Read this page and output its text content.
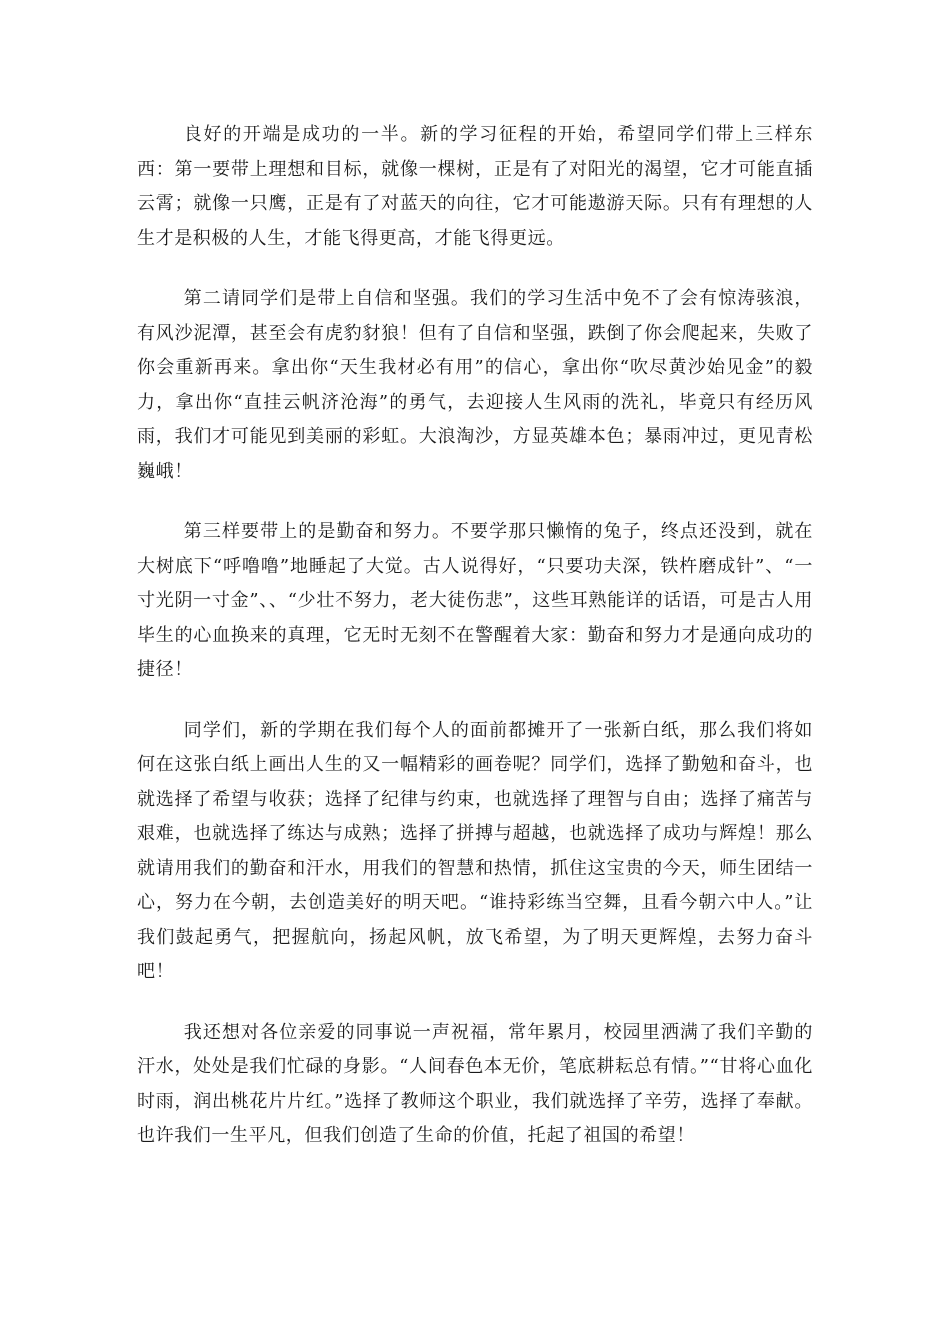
良好的开端是成功的一半。新的学习征程的开始，希望同学们带上三样东西：第一要带上理想和目标，就像一棵树，正是有了对阳光的渴望，它才可能直插云霄；就像一只鹰，正是有了对蓝天的向往，它才可能遨游天际。只有有理想的人生才是积极的人生，才能飞得更高，才能飞得更远。

第二请同学们是带上自信和坚强。我们的学习生活中免不了会有惊涛骇浪，有风沙泥潭，甚至会有虎豹豺狼！但有了自信和坚强，跌倒了你会爬起来，失败了你会重新再来。拿出你“天生我材必有用”的信心，拿出你“吹尽黄沙始见金”的毅力，拿出你“直挂云帆济沧海”的勇气，去迎接人生风雨的洗礼，毕竟只有经历风雨，我们才可能见到美丽的彩虹。大浪淘沙，方显英雄本色；暴雨冲过，更见青松巍峨！

第三样要带上的是勤奋和努力。不要学那只懒惰的兔子，终点还没到，就在大树底下“呼噜噜”地睡起了大觉。古人说得好，“只要功夫深，铁杵磨成针”、“一寸光阴一寸金”、、“少壮不努力，老大徒伤悲”，这些耳熟能详的话语，可是古人用毕生的心血换来的真理，它无时无刻不在警醒着大家：勤奋和努力才是通向成功的捷径！

同学们，新的学期在我们每个人的面前都摊开了一张新白纸，那么我们将如何在这张白纸上画出人生的又一幅精彩的画卷呢？同学们，选择了勤勉和奋斗，也就选择了希望与收获；选择了纪律与约束，也就选择了理智与自由；选择了痛苦与艰难，也就选择了练达与成熟；选择了拼搏与超越，也就选择了成功与辉煌！那么就请用我们的勤奋和汗水，用我们的智慧和热情，抓住这宝贵的今天，师生团结一心，努力在今朝，去创造美好的明天吧。“谁持彩练当空舞，且看今朝六中人。”让我们鼓起勇气，把握航向，扬起风帆，放飞希望，为了明天更辉煌，去努力奋斗吧！

我还想对各位亲爱的同事说一声祝福，常年累月，校园里洒满了我们辛勤的汗水，处处是我们忙碌的身影。“人间春色本无价，笔底耕耘总有情。”“甘将心血化时雨，润出桃花片片红。”选择了教师这个职业，我们就选择了辛劳，选择了奉献。也许我们一生平凡，但我们创造了生命的价值，托起了祖国的希望！
